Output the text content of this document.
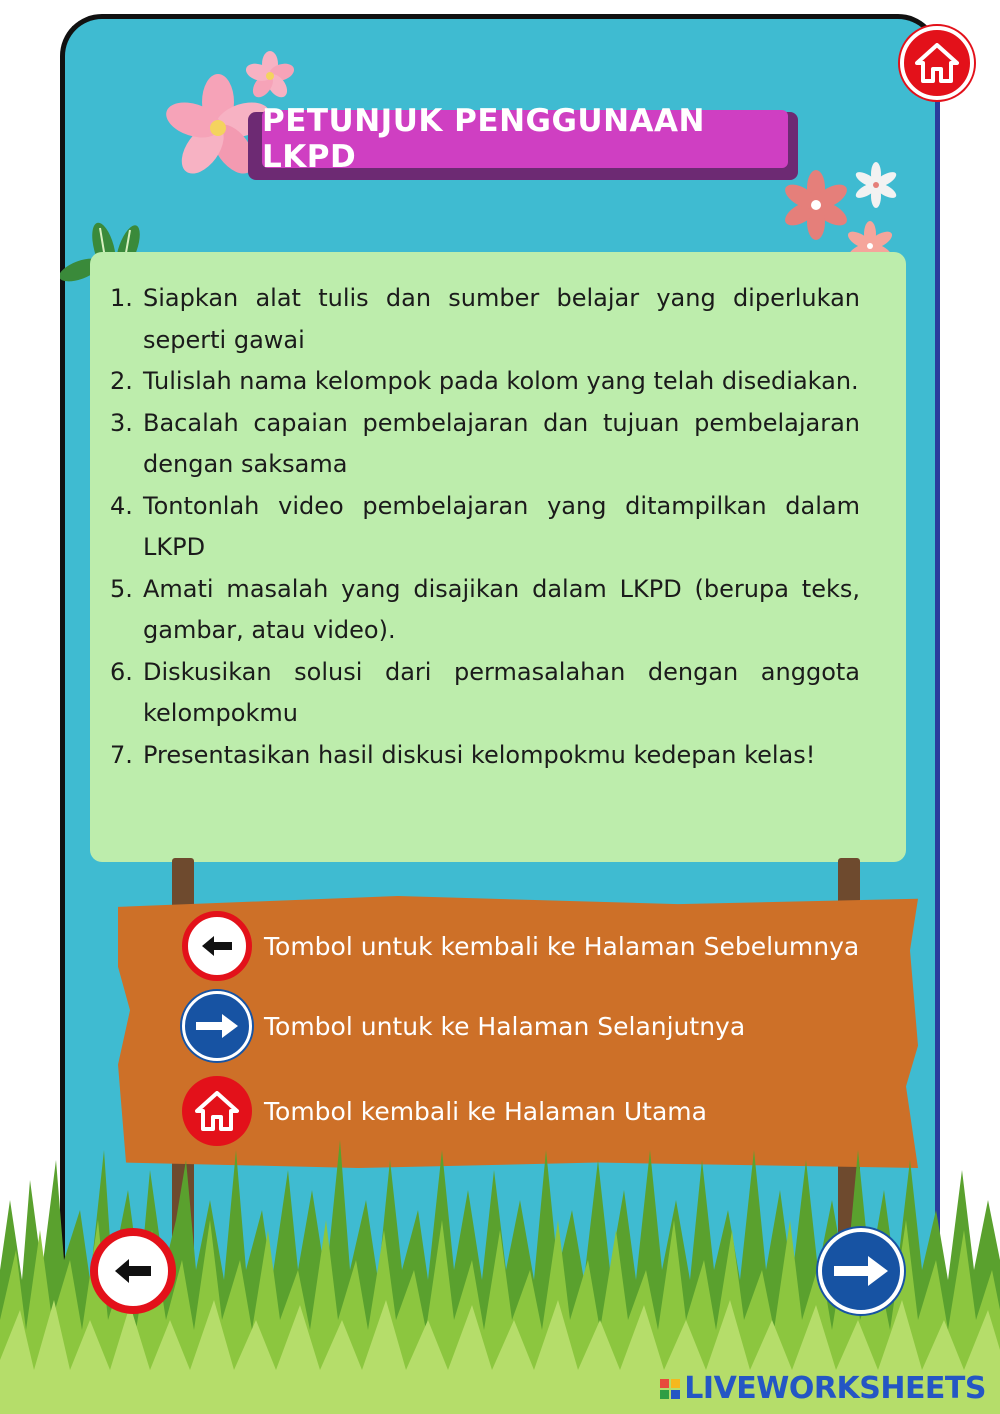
PETUNJUK PENGGUNAAN LKPD
1. Siapkan alat tulis dan sumber belajar yang diperlukan seperti gawai
2. Tulislah nama kelompok pada kolom yang telah disediakan.
3. Bacalah capaian pembelajaran dan tujuan pembelajaran dengan saksama
4. Tontonlah video pembelajaran yang ditampilkan dalam LKPD
5. Amati masalah yang disajikan dalam LKPD (berupa teks, gambar, atau video).
6. Diskusikan solusi dari permasalahan dengan anggota kelompokmu
7. Presentasikan hasil diskusi kelompokmu kedepan kelas!
Tombol untuk kembali ke Halaman Sebelumnya
Tombol untuk ke Halaman Selanjutnya
Tombol kembali ke Halaman Utama
LIVEWORKSHEETS
